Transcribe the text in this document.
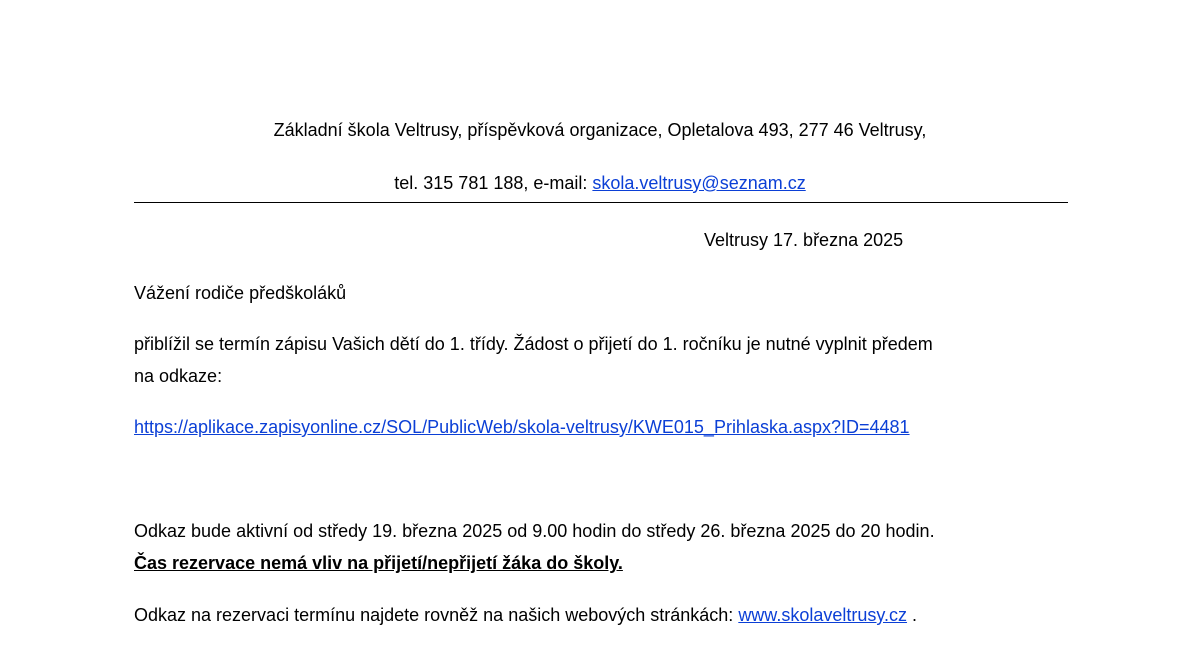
Základní škola Veltrusy, příspěvková organizace, Opletalova 493, 277 46 Veltrusy,
tel. 315 781 188, e-mail: skola.veltrusy@seznam.cz
Veltrusy 17. března 2025
Vážení rodiče předškoláků
přiblížil se termín zápisu Vašich dětí do 1. třídy. Žádost o přijetí do 1. ročníku je nutné vyplnit předem
na odkaze:
https://aplikace.zapisyonline.cz/SOL/PublicWeb/skola-veltrusy/KWE015_Prihlaska.aspx?ID=4481
Odkaz bude aktivní od středy 19. března 2025 od 9.00 hodin do středy 26. března 2025 do 20 hodin.
Čas rezervace nemá vliv na přijetí/nepřijetí žáka do školy.
Odkaz na rezervaci termínu najdete rovněž na našich webových stránkách: www.skolaveltrusy.cz .
